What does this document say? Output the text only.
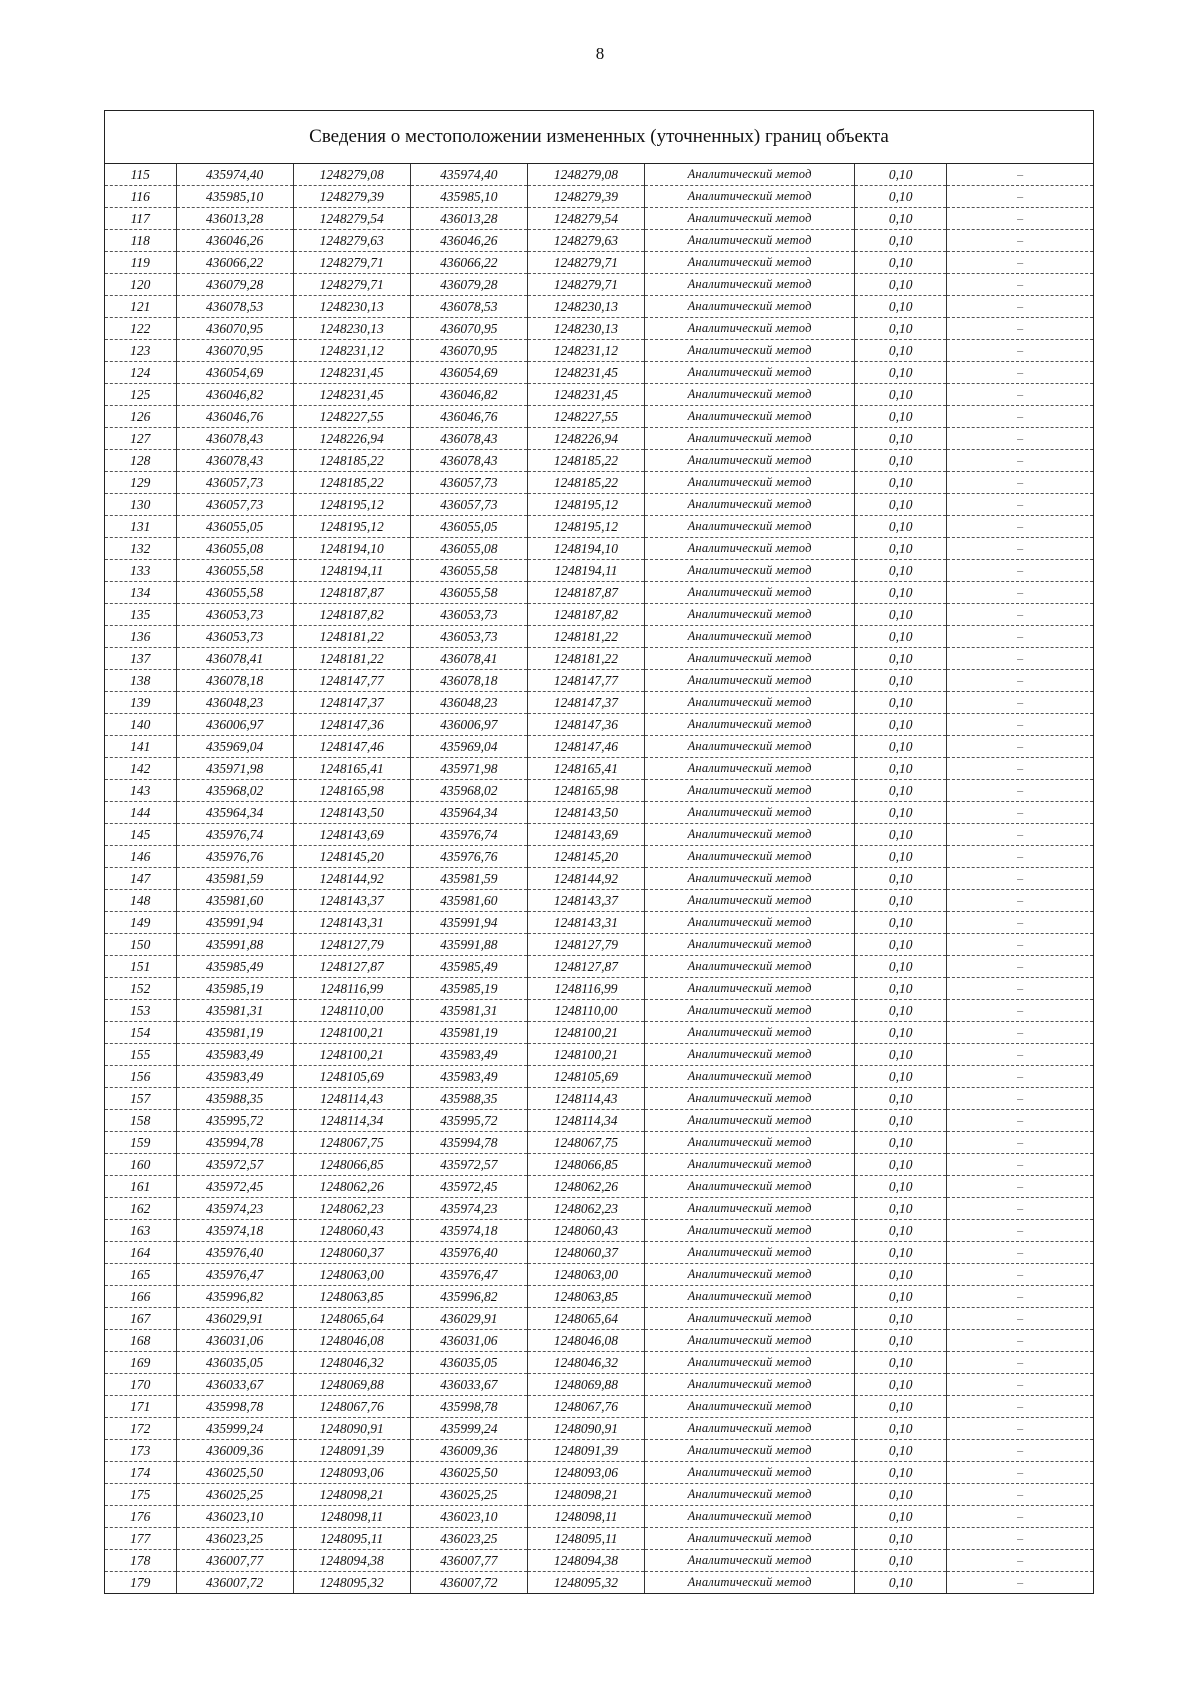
8
Сведения о местоположении измененных (уточненных) границ объекта
115	435974,40	1248279,08	435974,40	1248279,08	Аналитический метод	0,10	–
116	435985,10	1248279,39	435985,10	1248279,39	Аналитический метод	0,10	–
117	436013,28	1248279,54	436013,28	1248279,54	Аналитический метод	0,10	–
118	436046,26	1248279,63	436046,26	1248279,63	Аналитический метод	0,10	–
119	436066,22	1248279,71	436066,22	1248279,71	Аналитический метод	0,10	–
120	436079,28	1248279,71	436079,28	1248279,71	Аналитический метод	0,10	–
121	436078,53	1248230,13	436078,53	1248230,13	Аналитический метод	0,10	–
122	436070,95	1248230,13	436070,95	1248230,13	Аналитический метод	0,10	–
123	436070,95	1248231,12	436070,95	1248231,12	Аналитический метод	0,10	–
124	436054,69	1248231,45	436054,69	1248231,45	Аналитический метод	0,10	–
125	436046,82	1248231,45	436046,82	1248231,45	Аналитический метод	0,10	–
126	436046,76	1248227,55	436046,76	1248227,55	Аналитический метод	0,10	–
127	436078,43	1248226,94	436078,43	1248226,94	Аналитический метод	0,10	–
128	436078,43	1248185,22	436078,43	1248185,22	Аналитический метод	0,10	–
129	436057,73	1248185,22	436057,73	1248185,22	Аналитический метод	0,10	–
130	436057,73	1248195,12	436057,73	1248195,12	Аналитический метод	0,10	–
131	436055,05	1248195,12	436055,05	1248195,12	Аналитический метод	0,10	–
132	436055,08	1248194,10	436055,08	1248194,10	Аналитический метод	0,10	–
133	436055,58	1248194,11	436055,58	1248194,11	Аналитический метод	0,10	–
134	436055,58	1248187,87	436055,58	1248187,87	Аналитический метод	0,10	–
135	436053,73	1248187,82	436053,73	1248187,82	Аналитический метод	0,10	–
136	436053,73	1248181,22	436053,73	1248181,22	Аналитический метод	0,10	–
137	436078,41	1248181,22	436078,41	1248181,22	Аналитический метод	0,10	–
138	436078,18	1248147,77	436078,18	1248147,77	Аналитический метод	0,10	–
139	436048,23	1248147,37	436048,23	1248147,37	Аналитический метод	0,10	–
140	436006,97	1248147,36	436006,97	1248147,36	Аналитический метод	0,10	–
141	435969,04	1248147,46	435969,04	1248147,46	Аналитический метод	0,10	–
142	435971,98	1248165,41	435971,98	1248165,41	Аналитический метод	0,10	–
143	435968,02	1248165,98	435968,02	1248165,98	Аналитический метод	0,10	–
144	435964,34	1248143,50	435964,34	1248143,50	Аналитический метод	0,10	–
145	435976,74	1248143,69	435976,74	1248143,69	Аналитический метод	0,10	–
146	435976,76	1248145,20	435976,76	1248145,20	Аналитический метод	0,10	–
147	435981,59	1248144,92	435981,59	1248144,92	Аналитический метод	0,10	–
148	435981,60	1248143,37	435981,60	1248143,37	Аналитический метод	0,10	–
149	435991,94	1248143,31	435991,94	1248143,31	Аналитический метод	0,10	–
150	435991,88	1248127,79	435991,88	1248127,79	Аналитический метод	0,10	–
151	435985,49	1248127,87	435985,49	1248127,87	Аналитический метод	0,10	–
152	435985,19	1248116,99	435985,19	1248116,99	Аналитический метод	0,10	–
153	435981,31	1248110,00	435981,31	1248110,00	Аналитический метод	0,10	–
154	435981,19	1248100,21	435981,19	1248100,21	Аналитический метод	0,10	–
155	435983,49	1248100,21	435983,49	1248100,21	Аналитический метод	0,10	–
156	435983,49	1248105,69	435983,49	1248105,69	Аналитический метод	0,10	–
157	435988,35	1248114,43	435988,35	1248114,43	Аналитический метод	0,10	–
158	435995,72	1248114,34	435995,72	1248114,34	Аналитический метод	0,10	–
159	435994,78	1248067,75	435994,78	1248067,75	Аналитический метод	0,10	–
160	435972,57	1248066,85	435972,57	1248066,85	Аналитический метод	0,10	–
161	435972,45	1248062,26	435972,45	1248062,26	Аналитический метод	0,10	–
162	435974,23	1248062,23	435974,23	1248062,23	Аналитический метод	0,10	–
163	435974,18	1248060,43	435974,18	1248060,43	Аналитический метод	0,10	–
164	435976,40	1248060,37	435976,40	1248060,37	Аналитический метод	0,10	–
165	435976,47	1248063,00	435976,47	1248063,00	Аналитический метод	0,10	–
166	435996,82	1248063,85	435996,82	1248063,85	Аналитический метод	0,10	–
167	436029,91	1248065,64	436029,91	1248065,64	Аналитический метод	0,10	–
168	436031,06	1248046,08	436031,06	1248046,08	Аналитический метод	0,10	–
169	436035,05	1248046,32	436035,05	1248046,32	Аналитический метод	0,10	–
170	436033,67	1248069,88	436033,67	1248069,88	Аналитический метод	0,10	–
171	435998,78	1248067,76	435998,78	1248067,76	Аналитический метод	0,10	–
172	435999,24	1248090,91	435999,24	1248090,91	Аналитический метод	0,10	–
173	436009,36	1248091,39	436009,36	1248091,39	Аналитический метод	0,10	–
174	436025,50	1248093,06	436025,50	1248093,06	Аналитический метод	0,10	–
175	436025,25	1248098,21	436025,25	1248098,21	Аналитический метод	0,10	–
176	436023,10	1248098,11	436023,10	1248098,11	Аналитический метод	0,10	–
177	436023,25	1248095,11	436023,25	1248095,11	Аналитический метод	0,10	–
178	436007,77	1248094,38	436007,77	1248094,38	Аналитический метод	0,10	–
179	436007,72	1248095,32	436007,72	1248095,32	Аналитический метод	0,10	–
